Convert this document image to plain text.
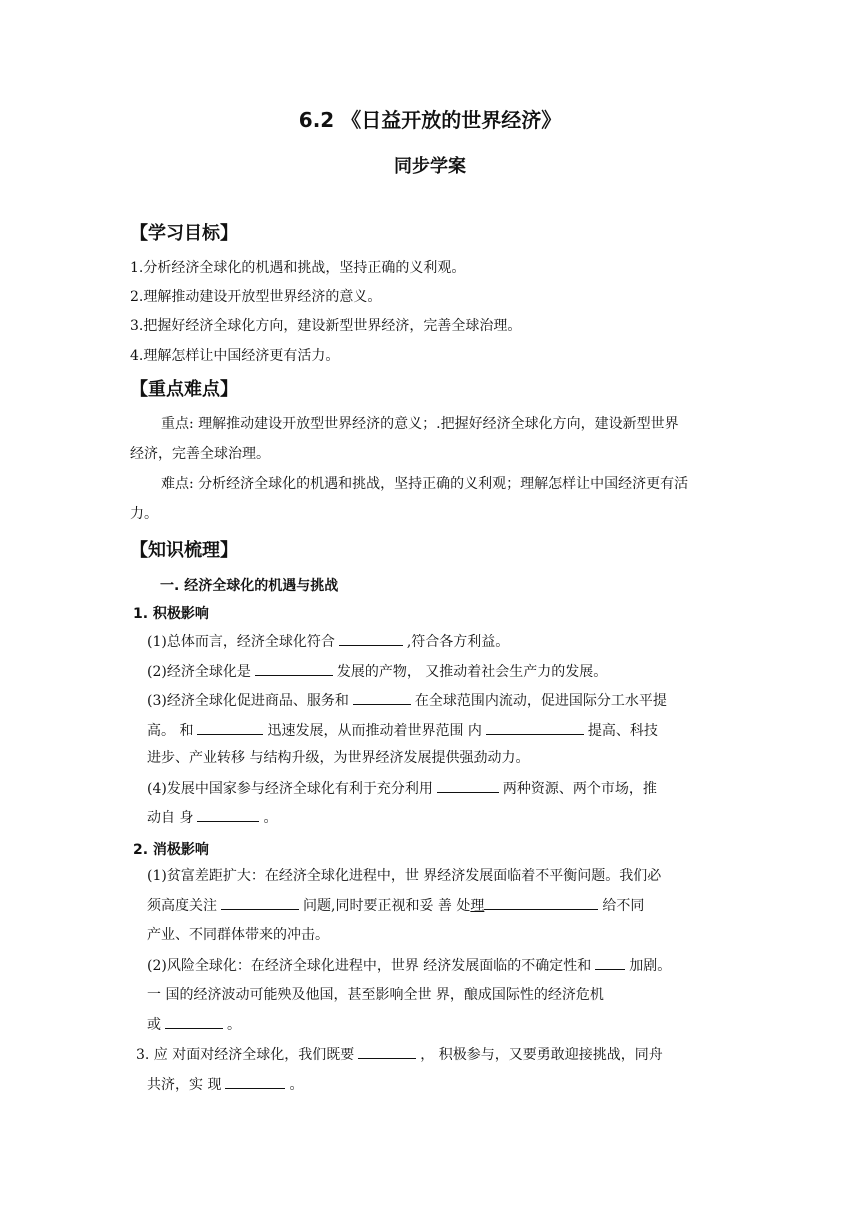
6.2 《日益开放的世界经济》
同步学案
【学习目标】
1.分析经济全球化的机遇和挑战，坚持正确的义利观。
2.理解推动建设开放型世界经济的意义。
3.把握好经济全球化方向，建设新型世界经济，完善全球治理。
4.理解怎样让中国经济更有活力。
【重点难点】
重点: 理解推动建设开放型世界经济的意义；.把握好经济全球化方向，建设新型世界
经济，完善全球治理。
难点: 分析经济全球化的机遇和挑战，坚持正确的义利观；理解怎样让中国经济更有活
力。
【知识梳理】
一. 经济全球化的机遇与挑战
1. 积极影响
(1)总体而言，经济全球化符合	,符合各方利益。
(2)经济全球化是	发展的产物， 又推动着社会生产力的发展。
(3)经济全球化促进商品、服务和	在全球范围内流动，促进国际分工水平提
高。 和	迅速发展，从而推动着世界范围 内	提高、科技
进步、产业转移 与结构升级，为世界经济发展提供强劲动力。
(4)发展中国家参与经济全球化有利于充分利用	两种资源、两个市场，推
动自 身	。
2. 消极影响
(1)贫富差距扩大：在经济全球化进程中，世 界经济发展面临着不平衡问题。我们必
须高度关注	问题,同时要正视和妥 善 处理	给不同
产业、不同群体带来的冲击。
(2)风险全球化：在经济全球化进程中，世界 经济发展面临的不确定性和	加剧。
一 国的经济波动可能殃及他国，甚至影响全世 界，酿成国际性的经济危机
或	。
3. 应 对面对经济全球化，我们既要	， 积极参与，又要勇敢迎接挑战，同舟
共济，实 现	。
